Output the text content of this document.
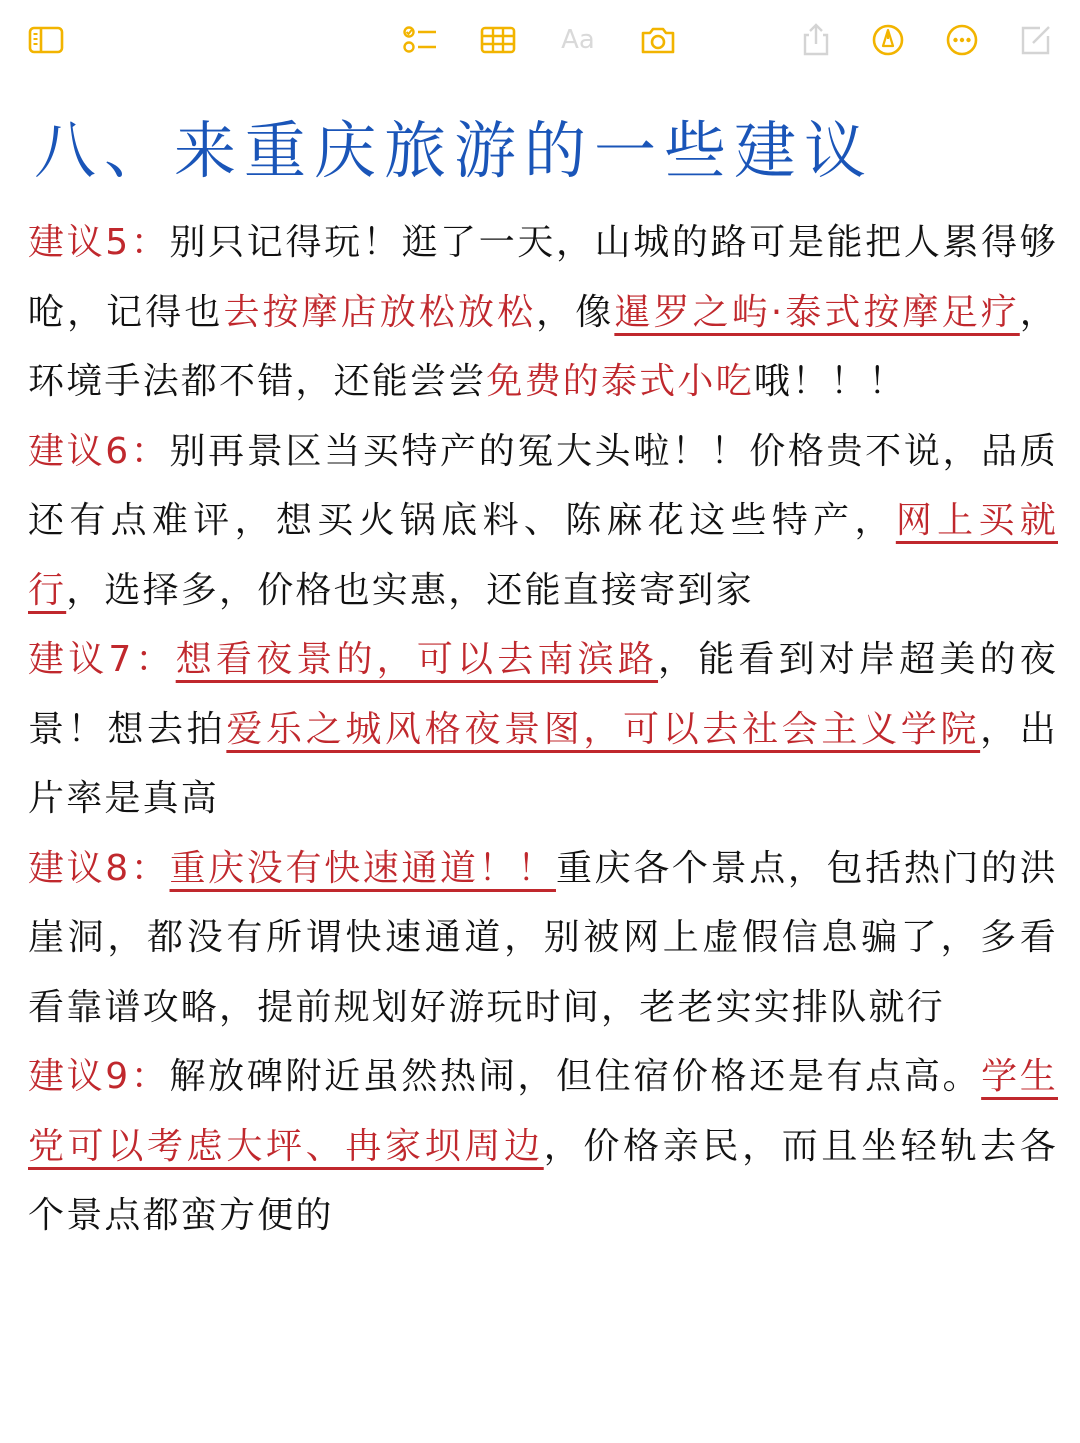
Aa
八、来重庆旅游的一些建议

建议5：别只记得玩！逛了一天，山城的路可是能把人累得够呛，记得也去按摩店放松放松，像暹罗之屿·泰式按摩足疗，环境手法都不错，还能尝尝免费的泰式小吃哦！！！

建议6：别再景区当买特产的冤大头啦！！价格贵不说，品质还有点难评，想买火锅底料、陈麻花这些特产，网上买就行，选择多，价格也实惠，还能直接寄到家

建议7：想看夜景的，可以去南滨路，能看到对岸超美的夜景！想去拍爱乐之城风格夜景图，可以去社会主义学院，出片率是真高

建议8：重庆没有快速通道！！重庆各个景点，包括热门的洪崖洞，都没有所谓快速通道，别被网上虚假信息骗了，多看看靠谱攻略，提前规划好游玩时间，老老实实排队就行

建议9：解放碑附近虽然热闹，但住宿价格还是有点高。学生党可以考虑大坪、冉家坝周边，价格亲民，而且坐轻轨去各个景点都蛮方便的
